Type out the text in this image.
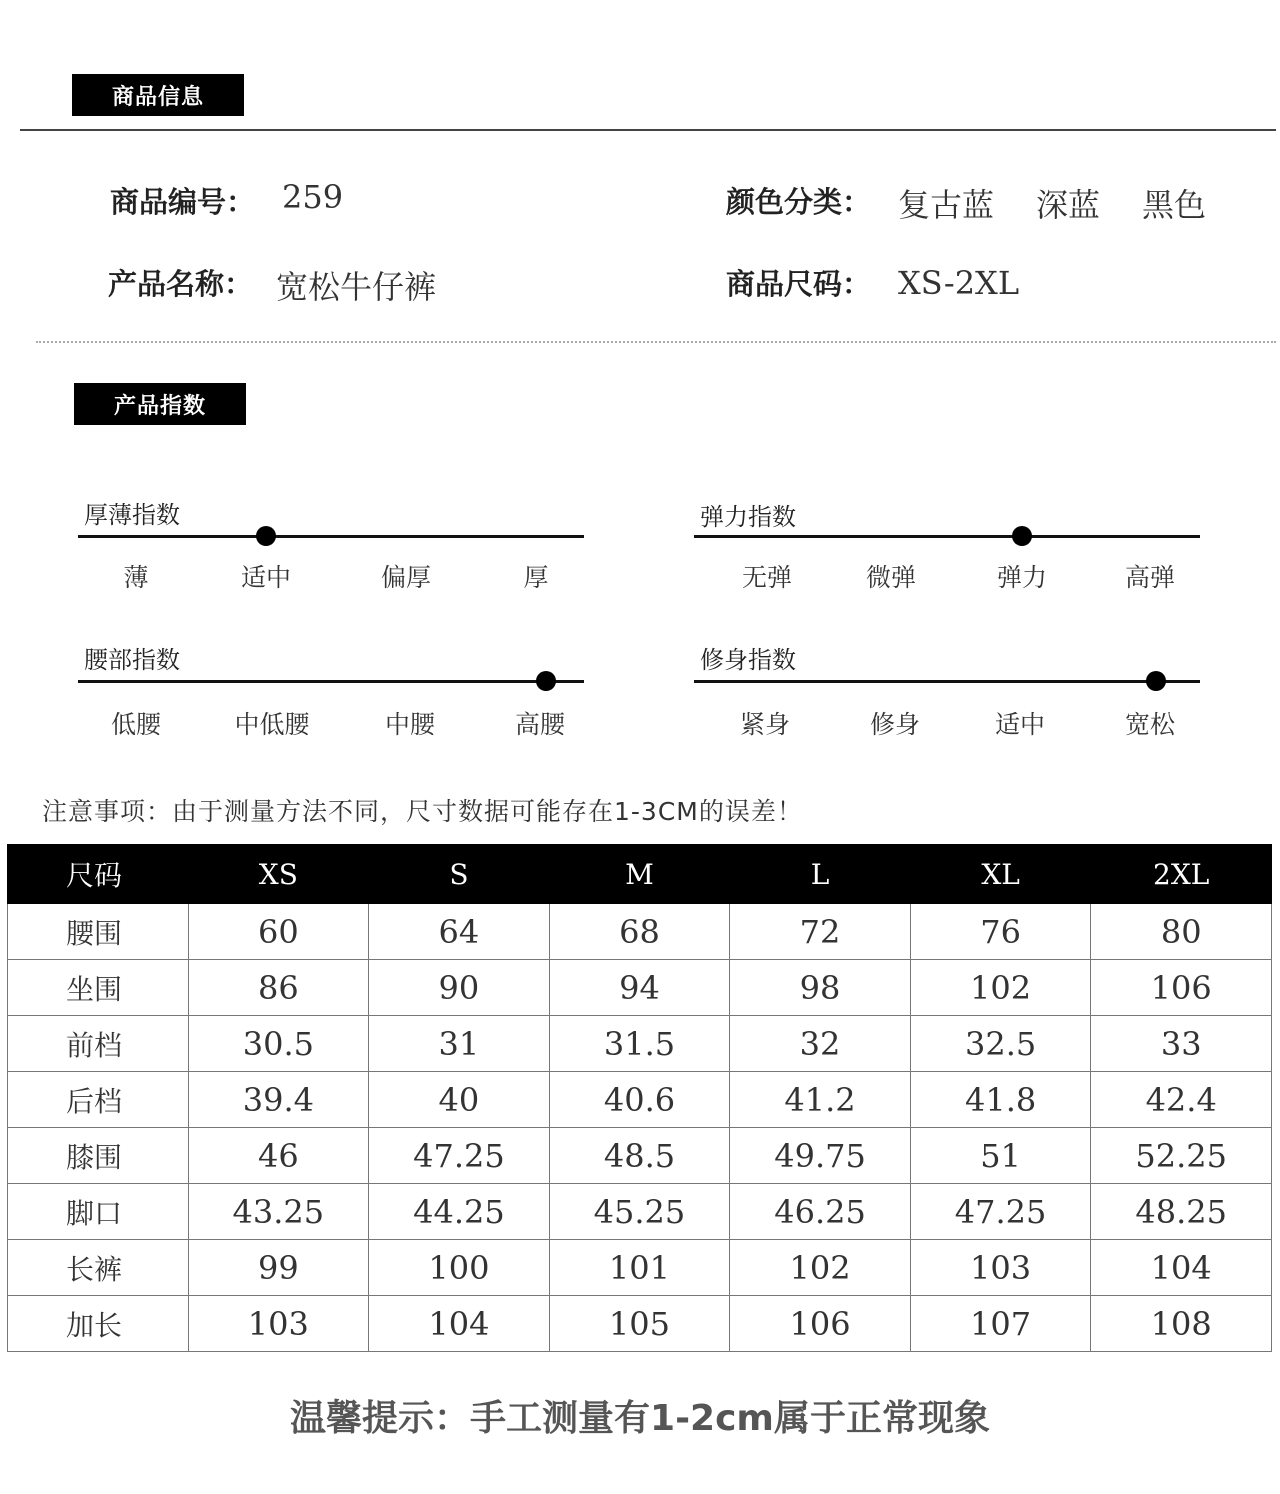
商品信息
商品编号： 259	颜色分类： 复古蓝 深蓝 黑色
产品名称： 宽松牛仔裤	商品尺码： XS-2XL
产品指数
厚薄指数
薄	适中	偏厚	厚
弹力指数
无弹	微弹	弹力	高弹
腰部指数
低腰	中低腰	中腰	高腰
修身指数
紧身	修身	适中	宽松
注意事项：由于测量方法不同，尺寸数据可能存在1-3CM的误差！
尺码	XS	S	M	L	XL	2XL
腰围	60	64	68	72	76	80
坐围	86	90	94	98	102	106
前档	30.5	31	31.5	32	32.5	33
后档	39.4	40	40.6	41.2	41.8	42.4
膝围	46	47.25	48.5	49.75	51	52.25
脚口	43.25	44.25	45.25	46.25	47.25	48.25
长裤	99	100	101	102	103	104
加长	103	104	105	106	107	108
温馨提示：手工测量有1-2cm属于正常现象
